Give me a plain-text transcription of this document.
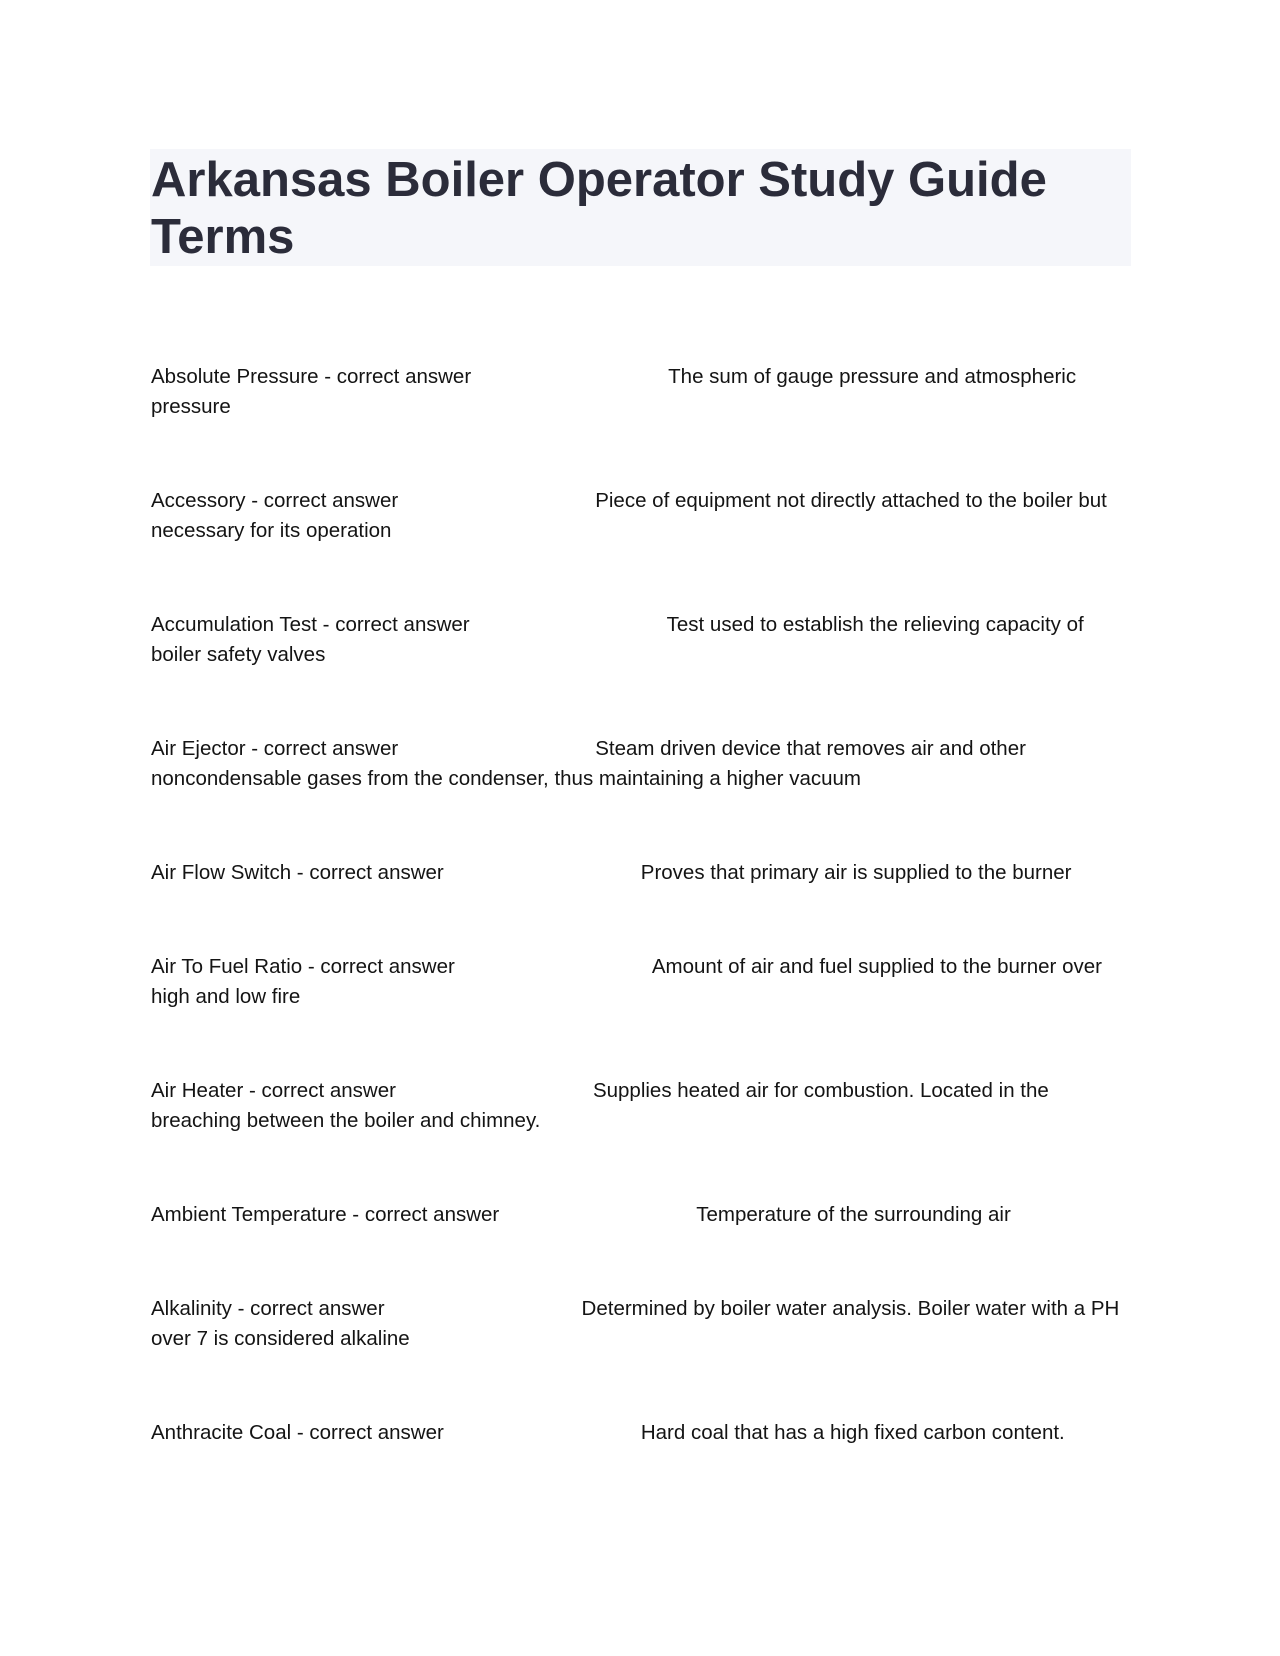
Arkansas Boiler Operator Study Guide Terms
Absolute Pressure - correct answer	The sum of gauge pressure and atmospheric pressure
Accessory - correct answer	Piece of equipment not directly attached to the boiler but necessary for its operation
Accumulation Test - correct answer	Test used to establish the relieving capacity of boiler safety valves
Air Ejector - correct answer	Steam driven device that removes air and other noncondensable gases from the condenser, thus maintaining a higher vacuum
Air Flow Switch - correct answer	Proves that primary air is supplied to the burner
Air To Fuel Ratio - correct answer	Amount of air and fuel supplied to the burner over high and low fire
Air Heater - correct answer	Supplies heated air for combustion. Located in the breaching between the boiler and chimney.
Ambient Temperature - correct answer	Temperature of the surrounding air
Alkalinity - correct answer	Determined by boiler water analysis. Boiler water with a PH over 7 is considered alkaline
Anthracite Coal - correct answer	Hard coal that has a high fixed carbon content.
